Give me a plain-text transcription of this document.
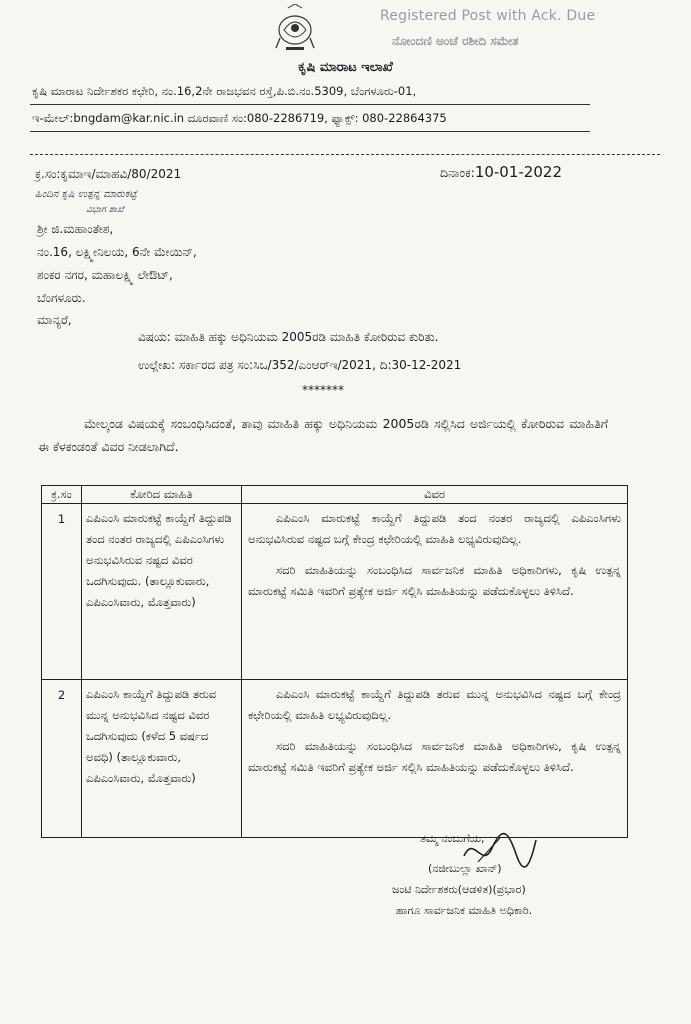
Registered Post with Ack. Due
ನೋಂದಣಿ ಅಂಚೆ ರಶೀದಿ ಸಮೇತ
ಕೃಷಿ ಮಾರಾಟ ಇಲಾಖೆ
ಕೃಷಿ ಮಾರಾಟ ನಿರ್ದೇಶಕರ ಕಛೇರಿ, ನಂ.16,2ನೇ ರಾಜಭವನ ರಸ್ತೆ,ಪಿ.ಬಿ.ನಂ.5309, ಬೆಂಗಳೂರು-01,
ಇ-ಮೇಲ್:bngdam@kar.nic.in ದೂರವಾಣಿ ಸಂ:080-2286719, ಫ್ಯಾಕ್ಸ್: 080-22864375
ಕ್ರ.ಸಂ:ಕೃಮಾಇ/ಮಾಹವಿ/80/2021
ಹಿಂದಿನ ಕೃಷಿ ಉತ್ಪನ್ನ ಮಾರುಕಟ್ಟೆ
ವಿಭಾಗ ಶಾಖೆ
ದಿನಾಂಕ:10-01-2022
ಶ್ರೀ ಜಿ.ಮಹಾಂತೇಶ,
ನಂ.16, ಲಕ್ಷ್ಮೀನಿಲಯ, 6ನೇ ಮೇಯಿನ್,
ಶಂಕರ ನಗರ, ಮಹಾಲಕ್ಷ್ಮಿ ಲೇಔಟ್,
ಬೆಂಗಳೂರು.
ಮಾನ್ಯರೆ,
ವಿಷಯ: ಮಾಹಿತಿ ಹಕ್ಕು ಅಧಿನಿಯಮ 2005ರಡಿ ಮಾಹಿತಿ ಕೋರಿರುವ ಕುರಿತು.
ಉಲ್ಲೇಖ: ಸರ್ಕಾರದ ಪತ್ರ ಸಂ:ಸಿಒ/352/ಎಂಆರ್‌ಇ/2021, ದಿ:30-12-2021
*******
ಮೇಲ್ಕಂಡ ವಿಷಯಕ್ಕೆ ಸಂಬಂಧಿಸಿದಂತೆ, ತಾವು ಮಾಹಿತಿ ಹಕ್ಕು ಅಧಿನಿಯಮ 2005ರಡಿ ಸಲ್ಲಿಸಿದ ಅರ್ಜಿಯಲ್ಲಿ ಕೋರಿರುವ ಮಾಹಿತಿಗೆ ಈ ಕೆಳಕಂಡಂತೆ ವಿವರ ನೀಡಲಾಗಿದೆ.
ಕ್ರ.ಸಂ	ಕೋರಿದ ಮಾಹಿತಿ	ವಿವರ
1	ಎಪಿಎಂಸಿ ಮಾರುಕಟ್ಟೆ ಕಾಯ್ದೆಗೆ ತಿದ್ದುಪಡಿ ತಂದ ನಂತರ ರಾಜ್ಯದಲ್ಲಿ ಎಪಿಎಂಸಿಗಳು ಅನುಭವಿಸಿರುವ ನಷ್ಟದ ವಿವರ ಒದಗಿಸುವುದು. (ತಾಲ್ಲೂಕುವಾರು, ಎಪಿಎಂಸಿವಾರು, ಮೊತ್ತವಾರು)	ಎಪಿಎಂಸಿ ಮಾರುಕಟ್ಟೆ ಕಾಯ್ದೆಗೆ ತಿದ್ದುಪಡಿ ತಂದ ನಂತರ ರಾಜ್ಯದಲ್ಲಿ ಎಪಿಎಂಸಿಗಳು ಅನುಭವಿಸಿರುವ ನಷ್ಟದ ಬಗ್ಗೆ ಕೇಂದ್ರ ಕಛೇರಿಯಲ್ಲಿ ಮಾಹಿತಿ ಲಭ್ಯವಿರುವುದಿಲ್ಲ.

ಸದರಿ ಮಾಹಿತಿಯನ್ನು ಸಂಬಂಧಿಸಿದ ಸಾರ್ವಜನಿಕ ಮಾಹಿತಿ ಅಧಿಕಾರಿಗಳು, ಕೃಷಿ ಉತ್ಪನ್ನ ಮಾರುಕಟ್ಟೆ ಸಮಿತಿ ಇವರಿಗೆ ಪ್ರತ್ಯೇಕ ಅರ್ಜಿ ಸಲ್ಲಿಸಿ ಮಾಹಿತಿಯನ್ನು ಪಡೆದುಕೊಳ್ಳಲು ತಿಳಿಸಿದೆ.

2	ಎಪಿಎಂಸಿ ಕಾಯ್ದೆಗೆ ತಿದ್ದುಪಡಿ ತರುವ ಮುನ್ನ ಅನುಭವಿಸಿದ ನಷ್ಟದ ವಿವರ ಒದಗಿಸುವುದು (ಕಳೆದ 5 ವರ್ಷದ ಅವಧಿ) (ತಾಲ್ಲೂಕುವಾರು, ಎಪಿಎಂಸಿವಾರು, ಮೊತ್ತವಾರು)	ಎಪಿಎಂಸಿ ಮಾರುಕಟ್ಟೆ ಕಾಯ್ದೆಗೆ ತಿದ್ದುಪಡಿ ತರುವ ಮುನ್ನ ಅನುಭವಿಸಿದ ನಷ್ಟದ ಬಗ್ಗೆ ಕೇಂದ್ರ ಕಛೇರಿಯಲ್ಲಿ ಮಾಹಿತಿ ಲಭ್ಯವಿರುವುದಿಲ್ಲ.

ಸದರಿ ಮಾಹಿತಿಯನ್ನು ಸಂಬಂಧಿಸಿದ ಸಾರ್ವಜನಿಕ ಮಾಹಿತಿ ಅಧಿಕಾರಿಗಳು, ಕೃಷಿ ಉತ್ಪನ್ನ ಮಾರುಕಟ್ಟೆ ಸಮಿತಿ ಇವರಿಗೆ ಪ್ರತ್ಯೇಕ ಅರ್ಜಿ ಸಲ್ಲಿಸಿ ಮಾಹಿತಿಯನ್ನು ಪಡೆದುಕೊಳ್ಳಲು ತಿಳಿಸಿದೆ.

ತಮ್ಮ ನಂಬುಗೆಯ,
(ನಜೀಬುಲ್ಲಾ ಖಾನ್)
ಜಂಟಿ ನಿರ್ದೇಶಕರು(ಆಡಳಿತ)(ಪ್ರಭಾರ)
ಹಾಗೂ ಸಾರ್ವಜನಿಕ ಮಾಹಿತಿ ಅಧಿಕಾರಿ.
